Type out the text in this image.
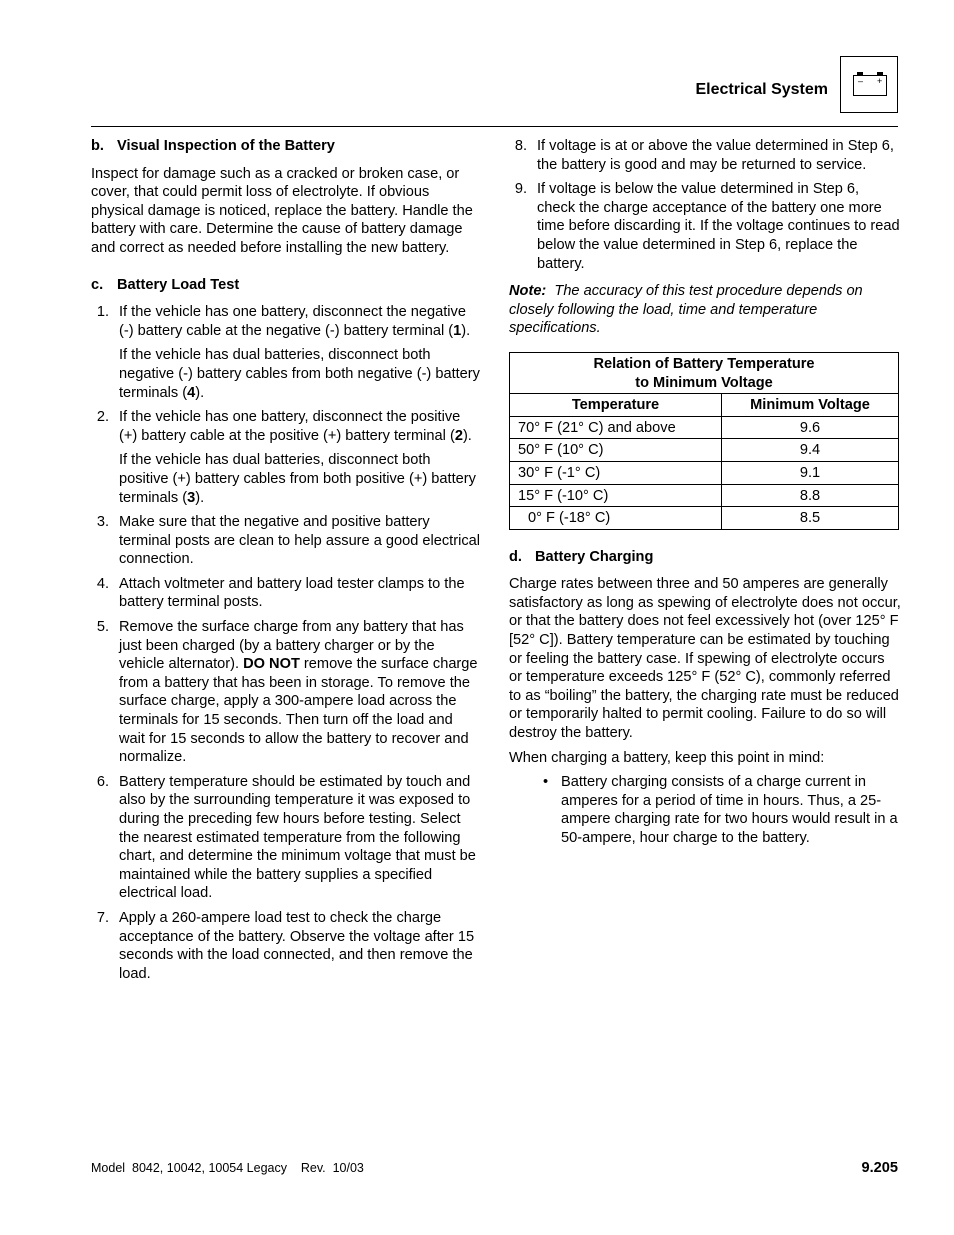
Electrical System	– +
b. Visual Inspection of the Battery

Inspect for damage such as a cracked or broken case, or cover, that could permit loss of electrolyte. If obvious physical damage is noticed, replace the battery. Handle the battery with care. Determine the cause of battery damage and correct as needed before installing the new battery.

c. Battery Load Test
1. If the vehicle has one battery, disconnect the negative (-) battery cable at the negative (-) battery terminal (1).

If the vehicle has dual batteries, disconnect both negative (-) battery cables from both negative (-) battery terminals (4).

2. If the vehicle has one battery, disconnect the positive (+) battery cable at the positive (+) battery terminal (2).

If the vehicle has dual batteries, disconnect both positive (+) battery cables from both positive (+) battery terminals (3).

3. Make sure that the negative and positive battery terminal posts are clean to help assure a good electrical connection.
4. Attach voltmeter and battery load tester clamps to the battery terminal posts.
5. Remove the surface charge from any battery that has just been charged (by a battery charger or by the vehicle alternator). DO NOT remove the surface charge from a battery that has been in storage. To remove the surface charge, apply a 300-ampere load across the terminals for 15 seconds. Then turn off the load and wait for 15 seconds to allow the battery to recover and normalize.
6. Battery temperature should be estimated by touch and also by the surrounding temperature it was exposed to during the preceding few hours before testing. Select the nearest estimated temperature from the following chart, and determine the minimum voltage that must be maintained while the battery supplies a specified electrical load.
7. Apply a 260-ampere load test to check the charge acceptance of the battery. Observe the voltage after 15 seconds with the load connected, and then remove the load.
8. If voltage is at or above the value determined in Step 6, the battery is good and may be returned to service.
9. If voltage is below the value determined in Step 6, check the charge acceptance of the battery one more time before discarding it. If the voltage continues to read below the value determined in Step 6, replace the battery.

Note: The accuracy of this test procedure depends on closely following the load, time and temperature specifications.

Relation of Battery Temperature
to Minimum Voltage	

Temperature	Minimum Voltage
70° F (21° C) and above	9.6
50° F (10° C)	9.4
30° F (-1° C)	9.1
15° F (-10° C)	8.8
0° F (-18° C)	8.5
d. Battery Charging

Charge rates between three and 50 amperes are generally satisfactory as long as spewing of electrolyte does not occur, or that the battery does not feel excessively hot (over 125° F [52° C]). Battery temperature can be estimated by touching or feeling the battery case. If spewing of electrolyte occurs or temperature exceeds 125° F (52° C), commonly referred to as “boiling” the battery, the charging rate must be reduced or temporarily halted to permit cooling. Failure to do so will destroy the battery.

When charging a battery, keep this point in mind:

• Battery charging consists of a charge current in amperes for a period of time in hours. Thus, a 25-ampere charging rate for two hours would result in a 50-ampere, hour charge to the battery.
Model  8042, 10042, 10054 Legacy    Rev.  10/03	9.205
